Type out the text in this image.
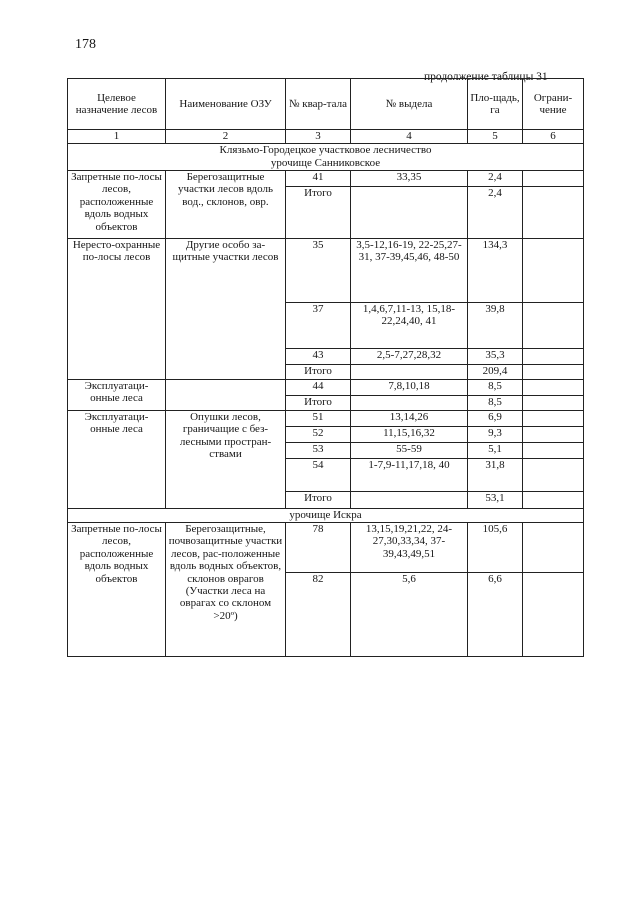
178
продолжение таблицы 31
Целевое назначение лесов	Наименование ОЗУ	№ квар-тала	№ выдела	Пло-щадь, га	Ограни-чение
1	2	3	4	5	6

Клязьмо-Городецкое участковое лесничество
урочище Санниковское					

Запретные по-лосы лесов, расположенные вдоль водных объектов	Берегозащитные участки лесов вдоль вод., склонов, овр.	41	33,35	2,4	
		Итого		2,4	
Нересто-охранные по-лосы лесов	Другие особо за-щитные участки лесов	35	3,5-12,16-19, 22-25,27-31, 37-39,45,46, 48-50	134,3	
		37	1,4,6,7,11-13, 15,18-22,24,40, 41	39,8	
		43	2,5-7,27,28,32	35,3	
		Итого		209,4	
Эксплуатаци-онные леса		44	7,8,10,18	8,5	
		Итого		8,5	
Эксплуатаци-онные леса	Опушки лесов, граничащие с без-лесными простран-ствами	51	13,14,26	6,9	
		52	11,15,16,32	9,3	
		53	55-59	5,1	
		54	1-7,9-11,17,18, 40	31,8	
		Итого		53,1	

урочище Искра					

Запретные по-лосы лесов, расположенные вдоль водных объектов	Берегозащитные, почвозащитные участки лесов, рас-положенные вдоль водных объектов, склонов оврагов (Участки леса на оврагах со склоном >20º)	78	13,15,19,21,22, 24-27,30,33,34, 37-39,43,49,51	105,6	
		82	5,6	6,6	
